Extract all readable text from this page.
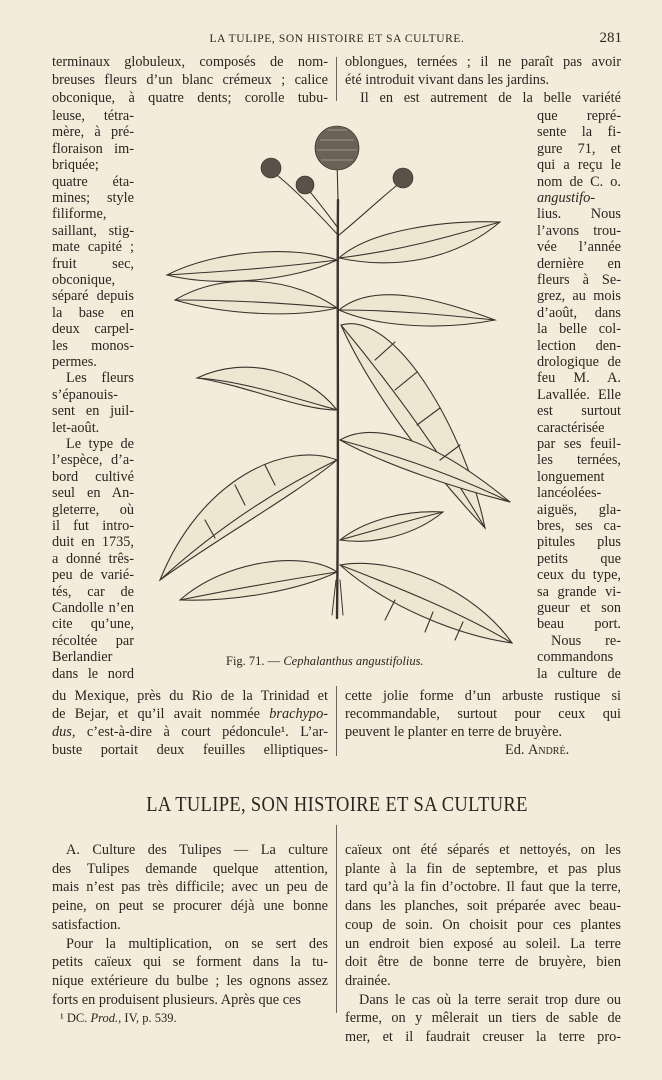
LA TULIPE, SON HISTOIRE ET SA CULTURE.	281
terminaux globuleux, composés de nom-
breuses fleurs d’un blanc crémeux ; calice
obconique, à quatre dents; corolle tubu-
leuse, tétra-
mère, à pré-
floraison im-
briquée;
quatre éta-
mines; style
filiforme,
saillant, stig-
mate capité ;
fruit sec,
obconique,
séparé depuis
la base en
deux carpel-
les monos-
permes.
Les fleurs
s’épanouis-
sent en juil-
let-août.
Le type de
l’espèce, d’a-
bord cultivé
seul en An-
gleterre, où
il fut intro-
duit en 1735,
a donné três-
peu de varié-
tés, car de
Candolle n’en
cite qu’une,
récoltée par
Berlandier
dans le nord
du Mexique, près du Rio de la Trinidad et
de Bejar, et qu’il avait nommée brachypo-
dus, c’est-à-dire à court pédoncule¹. L’ar-
buste portait deux feuilles elliptiques-
oblongues, ternées ; il ne paraît pas avoir
été introduit vivant dans les jardins.
Il en est autrement de la belle variété
que repré-
sente la fi-
gure 71, et
qui a reçu le
nom de C. o.
angustifo-
lius. Nous
l’avons trou-
vée l’année
dernière en
fleurs à Se-
grez, au mois
d’août, dans
la belle col-
lection den-
drologique de
feu M. A.
Lavallée. Elle
est surtout
caractérisée
par ses feuil-
les ternées,
longuement
lancéolées-
aiguës, gla-
bres, ses ca-
pitules plus
petits que
ceux du type,
sa grande vi-
gueur et son
beau port.
Nous re-
commandons
la culture de
cette jolie forme d’un arbuste rustique si
recommandable, surtout pour ceux qui
peuvent le planter en terre de bruyère.
Ed. André.
Fig. 71. — Cephalanthus angustifolius.
LA TULIPE, SON HISTOIRE ET SA CULTURE
A. Culture des Tulipes — La culture
des Tulipes demande quelque attention,
mais n’est pas très difficile; avec un peu de
peine, on peut se procurer déjà une bonne
satisfaction.
Pour la multiplication, on se sert des
petits caïeux qui se forment dans la tu-
nique extérieure du bulbe ; les ognons assez
forts en produisent plusieurs. Après que ces
caïeux ont été séparés et nettoyés, on les
plante à la fin de septembre, et pas plus
tard qu’à la fin d’octobre. Il faut que la terre,
dans les planches, soit préparée avec beau-
coup de soin. On choisit pour ces plantes
un endroit bien exposé au soleil. La terre
doit être de bonne terre de bruyère, bien
drainée.
Dans le cas où la terre serait trop dure ou
ferme, on y mêlerait un tiers de sable de
mer, et il faudrait creuser la terre pro-
¹ DC. Prod., IV, p. 539.
